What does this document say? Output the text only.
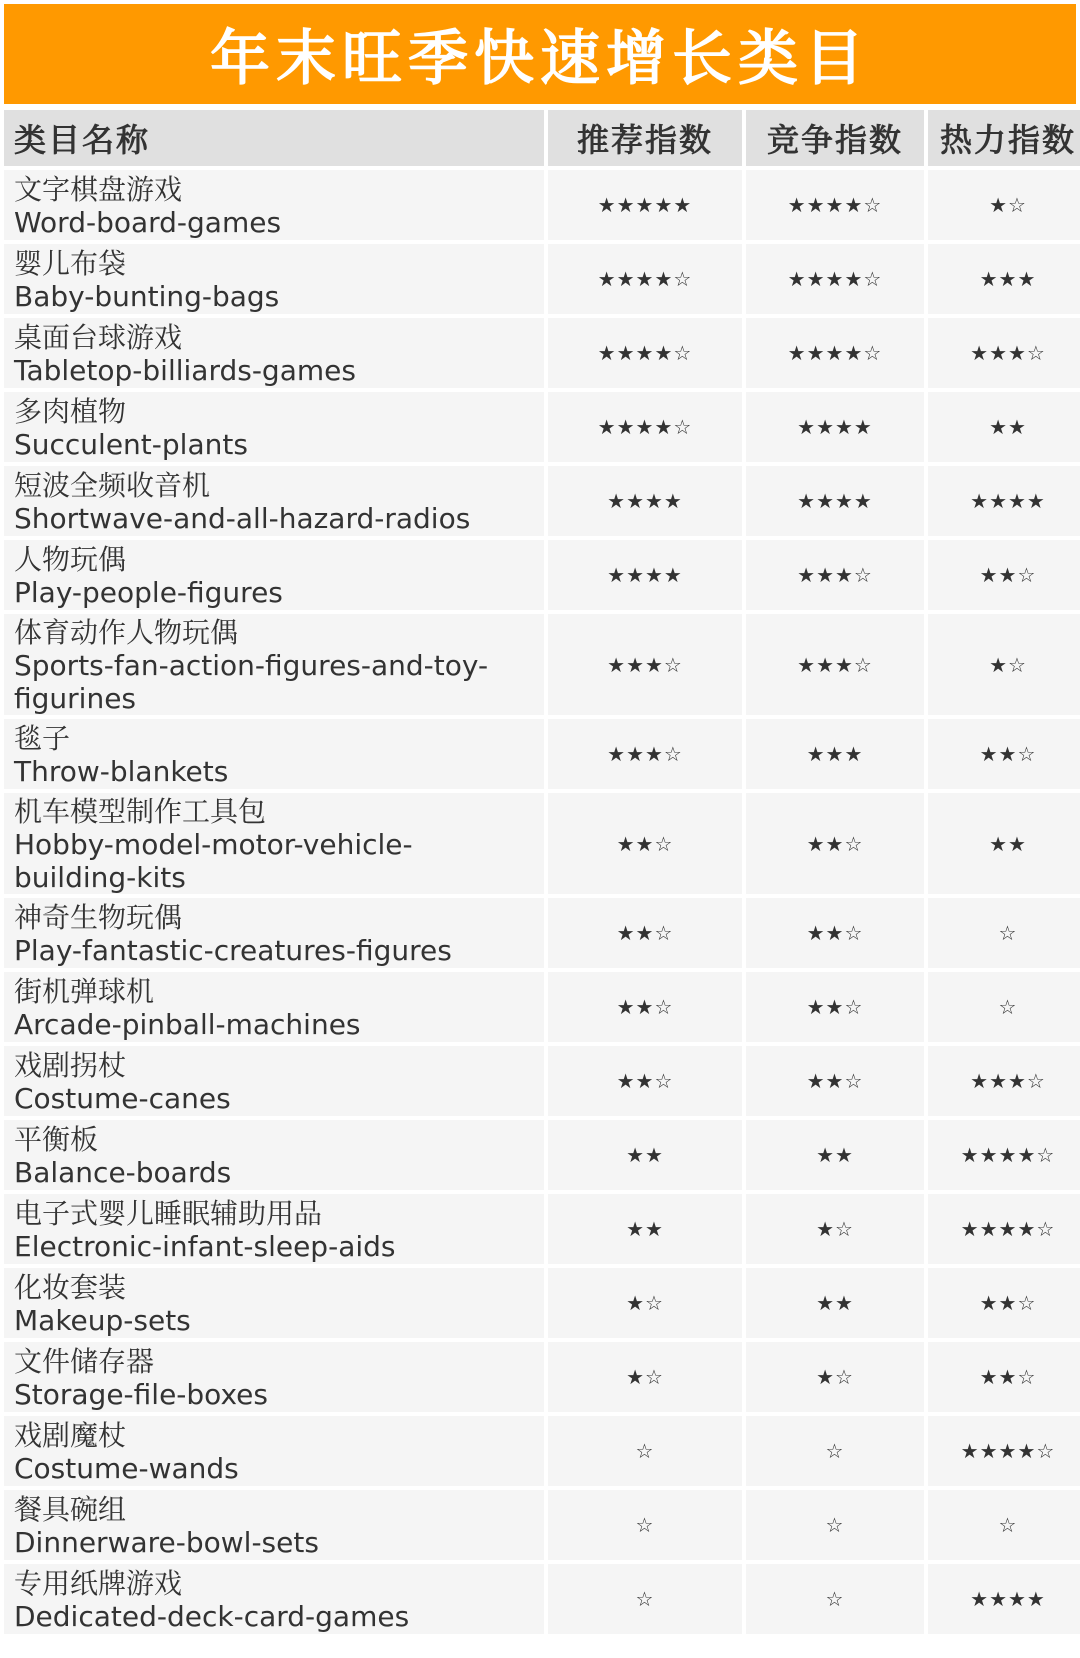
年末旺季快速增长类目
类目名称	推荐指数	竞争指数	热力指数
文字棋盘游戏
Word-board-games
★★★★★	★★★★☆	★☆
婴儿布袋
Baby-bunting-bags
★★★★☆	★★★★☆	★★★
桌面台球游戏
Tabletop-billiards-games
★★★★☆	★★★★☆	★★★☆
多肉植物
Succulent-plants
★★★★☆	★★★★	★★
短波全频收音机
Shortwave-and-all-hazard-radios
★★★★	★★★★	★★★★
人物玩偶
Play-people-figures
★★★★	★★★☆	★★☆
体育动作人物玩偶
Sports-fan-action-figures-and-toy-figurines
★★★☆	★★★☆	★☆
毯子
Throw-blankets
★★★☆	★★★	★★☆
机车模型制作工具包
Hobby-model-motor-vehicle-building-kits
★★☆	★★☆	★★
神奇生物玩偶
Play-fantastic-creatures-figures
★★☆	★★☆	☆
街机弹球机
Arcade-pinball-machines
★★☆	★★☆	☆
戏剧拐杖
Costume-canes
★★☆	★★☆	★★★☆
平衡板
Balance-boards
★★	★★	★★★★☆
电子式婴儿睡眠辅助用品
Electronic-infant-sleep-aids
★★	★☆	★★★★☆
化妆套装
Makeup-sets
★☆	★★	★★☆
文件储存器
Storage-file-boxes
★☆	★☆	★★☆
戏剧魔杖
Costume-wands
☆	☆	★★★★☆
餐具碗组
Dinnerware-bowl-sets
☆	☆	☆
专用纸牌游戏
Dedicated-deck-card-games
☆	☆	★★★★
